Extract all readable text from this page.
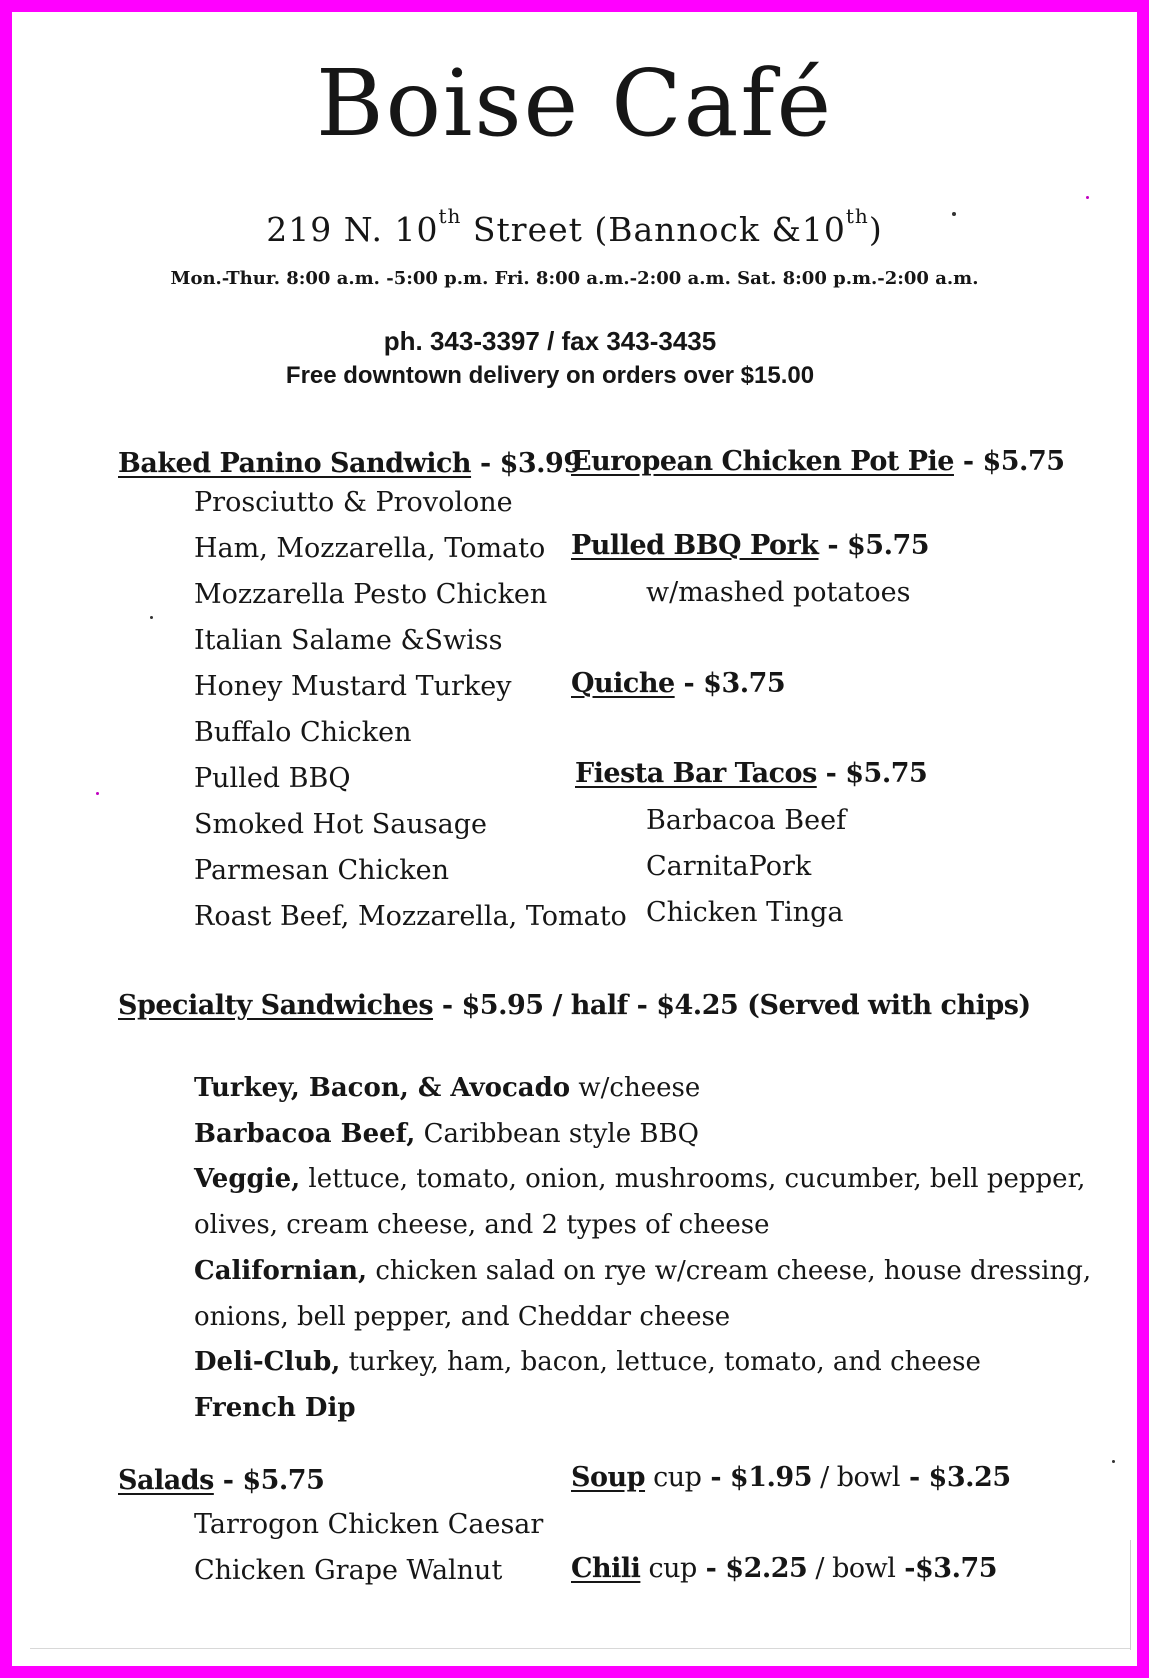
Boise Café
219 N. 10th Street (Bannock &10th)
Mon.-Thur. 8:00 a.m. -5:00 p.m. Fri. 8:00 a.m.-2:00 a.m. Sat. 8:00 p.m.-2:00 a.m.
ph. 343-3397 / fax 343-3435
Free downtown delivery on orders over $15.00
Baked Panino Sandwich - $3.99
Prosciutto & Provolone
Ham, Mozzarella, Tomato
Mozzarella Pesto Chicken
Italian Salame &Swiss
Honey Mustard Turkey
Buffalo Chicken
Pulled BBQ
Smoked Hot Sausage
Parmesan Chicken
Roast Beef, Mozzarella, Tomato
European Chicken Pot Pie - $5.75
Pulled BBQ Pork - $5.75
w/mashed potatoes
Quiche - $3.75
Fiesta Bar Tacos - $5.75
Barbacoa Beef
CarnitaPork
Chicken Tinga
Specialty Sandwiches - $5.95 / half - $4.25 (Served with chips)
Turkey, Bacon, & Avocado w/cheese
Barbacoa Beef, Caribbean style BBQ
Veggie, lettuce, tomato, onion, mushrooms, cucumber, bell pepper,
olives, cream cheese, and 2 types of cheese
Californian, chicken salad on rye w/cream cheese, house dressing,
onions, bell pepper, and Cheddar cheese
Deli-Club, turkey, ham, bacon, lettuce, tomato, and cheese
French Dip
Salads - $5.75
Tarrogon Chicken Caesar
Chicken Grape Walnut
Soup cup - $1.95 / bowl - $3.25
Chili cup - $2.25 / bowl -$3.75
